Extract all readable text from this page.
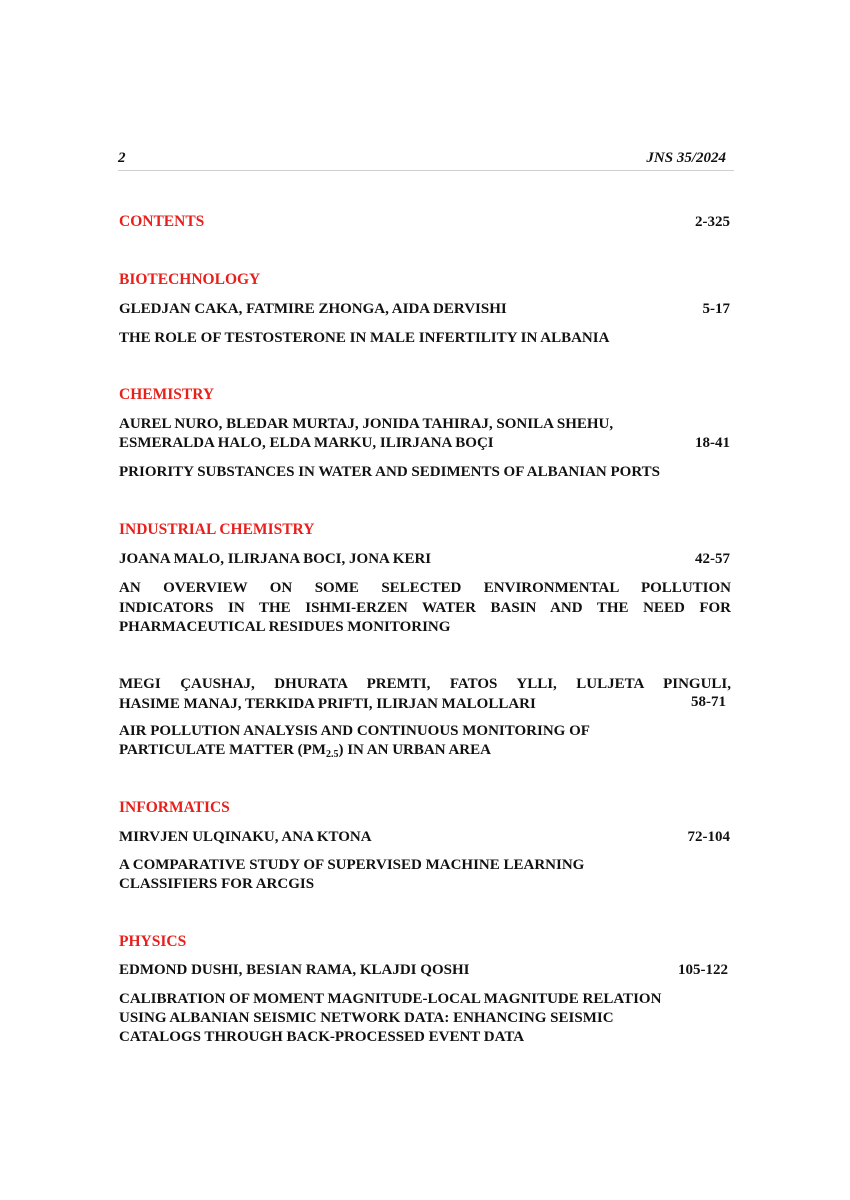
2	JNS 35/2024
CONTENTS	2-325
BIOTECHNOLOGY
GLEDJAN CAKA, FATMIRE ZHONGA, AIDA DERVISHI	5-17
THE ROLE OF TESTOSTERONE IN MALE INFERTILITY IN ALBANIA
CHEMISTRY
AUREL NURO, BLEDAR MURTAJ, JONIDA TAHIRAJ, SONILA SHEHU,
ESMERALDA HALO, ELDA MARKU, ILIRJANA BOÇI	18-41
PRIORITY SUBSTANCES IN WATER AND SEDIMENTS OF ALBANIAN PORTS
INDUSTRIAL CHEMISTRY
JOANA MALO, ILIRJANA BOCI, JONA KERI	42-57
AN OVERVIEW ON SOME SELECTED ENVIRONMENTAL POLLUTION
INDICATORS IN THE ISHMI-ERZEN WATER BASIN AND THE NEED FOR
PHARMACEUTICAL RESIDUES MONITORING
MEGI ÇAUSHAJ, DHURATA PREMTI, FATOS YLLI, LULJETA PINGULI,
HASIME MANAJ, TERKIDA PRIFTI, ILIRJAN MALOLLARI	58-71
AIR POLLUTION ANALYSIS AND CONTINUOUS MONITORING OF
PARTICULATE MATTER $(PM_{2.5})$ IN AN URBAN AREA
INFORMATICS
MIRVJEN ULQINAKU, ANA KTONA	72-104
A COMPARATIVE STUDY OF SUPERVISED MACHINE LEARNING
CLASSIFIERS FOR ARCGIS
PHYSICS
EDMOND DUSHI, BESIAN RAMA, KLAJDI QOSHI	105-122
CALIBRATION OF MOMENT MAGNITUDE-LOCAL MAGNITUDE RELATION
USING ALBANIAN SEISMIC NETWORK DATA: ENHANCING SEISMIC
CATALOGS THROUGH BACK-PROCESSED EVENT DATA
